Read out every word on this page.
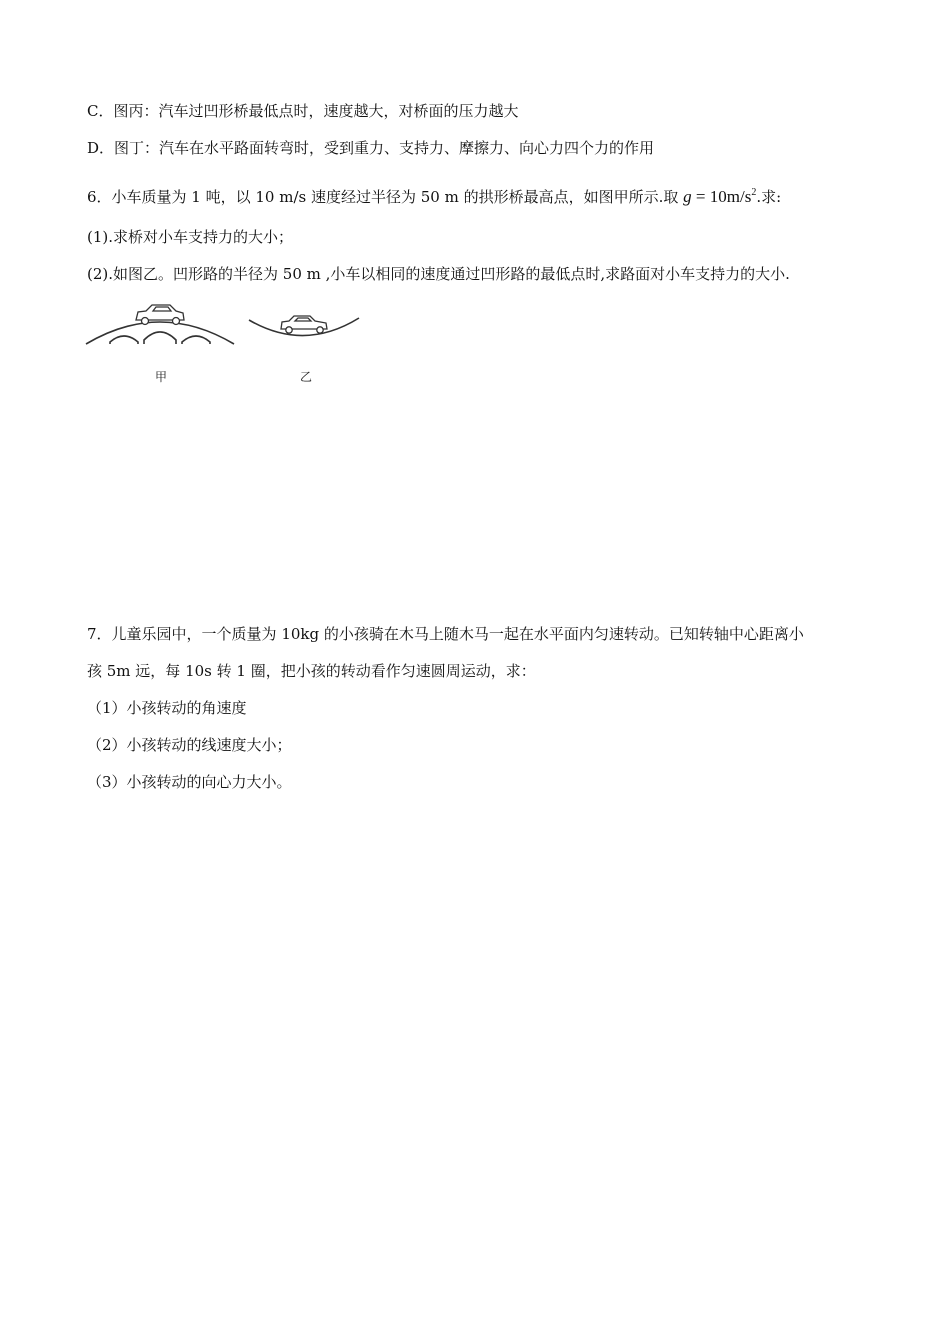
C．图丙：汽车过凹形桥最低点时，速度越大，对桥面的压力越大
D．图丁：汽车在水平路面转弯时，受到重力、支持力、摩擦力、向心力四个力的作用
6．小车质量为 1 吨，以 10 m/s 速度经过半径为 50 m 的拱形桥最高点，如图甲所示.取 $g = 10m/s^2$.求:
(1).求桥对小车支持力的大小；
(2).如图乙。凹形路的半径为 50 m ,小车以相同的速度通过凹形路的最低点时,求路面对小车支持力的大小.
甲	乙
7．儿童乐园中，一个质量为 10kg 的小孩骑在木马上随木马一起在水平面内匀速转动。已知转轴中心距离小
孩 5m 远，每 10s 转 1 圈，把小孩的转动看作匀速圆周运动，求：
（1）小孩转动的角速度
（2）小孩转动的线速度大小；
（3）小孩转动的向心力大小。
